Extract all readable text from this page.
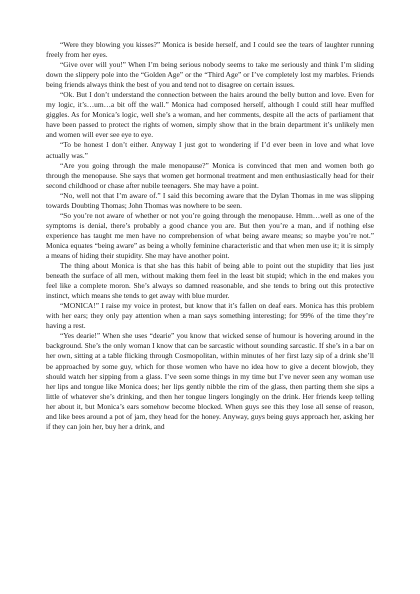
“Were they blowing you kisses?” Monica is beside herself, and I could see the tears of laughter running freely from her eyes.

“Give over will you!” When I’m being serious nobody seems to take me seriously and think I’m sliding down the slippery pole into the “Golden Age” or the “Third Age” or I’ve completely lost my marbles. Friends being friends always think the best of you and tend not to disagree on certain issues.

“Ok. But I don’t understand the connection between the hairs around the belly button and love. Even for my logic, it’s…um…a bit off the wall.” Monica had composed herself, although I could still hear muffled giggles. As for Monica’s logic, well she’s a woman, and her comments, despite all the acts of parliament that have been passed to protect the rights of women, simply show that in the brain department it’s unlikely men and women will ever see eye to eye.

“To be honest I don’t either. Anyway I just got to wondering if I’d ever been in love and what love actually was.”

“Are you going through the male menopause?” Monica is convinced that men and women both go through the menopause. She says that women get hormonal treatment and men enthusiastically head for their second childhood or chase after nubile teenagers. She may have a point.

“No, well not that I’m aware of.” I said this becoming aware that the Dylan Thomas in me was slipping towards Doubting Thomas; John Thomas was nowhere to be seen.

“So you’re not aware of whether or not you’re going through the menopause. Hmm…well as one of the symptoms is denial, there’s probably a good chance you are. But then you’re a man, and if nothing else experience has taught me men have no comprehension of what being aware means; so maybe you’re not.” Monica equates “being aware” as being a wholly feminine characteristic and that when men use it; it is simply a means of hiding their stupidity. She may have another point.

The thing about Monica is that she has this habit of being able to point out the stupidity that lies just beneath the surface of all men, without making them feel in the least bit stupid; which in the end makes you feel like a complete moron. She’s always so damned reasonable, and she tends to bring out this protective instinct, which means she tends to get away with blue murder.

“MONICA!” I raise my voice in protest, but know that it’s fallen on deaf ears. Monica has this problem with her ears; they only pay attention when a man says something interesting; for 99% of the time they’re having a rest.

“Yes dearie!” When she uses “dearie” you know that wicked sense of humour is hovering around in the background. She’s the only woman I know that can be sarcastic without sounding sarcastic. If she’s in a bar on her own, sitting at a table flicking through Cosmopolitan, within minutes of her first lazy sip of a drink she’ll be approached by some guy, which for those women who have no idea how to give a decent blowjob, they should watch her sipping from a glass. I’ve seen some things in my time but I’ve never seen any woman use her lips and tongue like Monica does; her lips gently nibble the rim of the glass, then parting them she sips a little of whatever she’s drinking, and then her tongue lingers longingly on the drink. Her friends keep telling her about it, but Monica’s ears somehow become blocked. When guys see this they lose all sense of reason, and like bees around a pot of jam, they head for the honey. Anyway, guys being guys approach her, asking her if they can join her, buy her a drink, and
